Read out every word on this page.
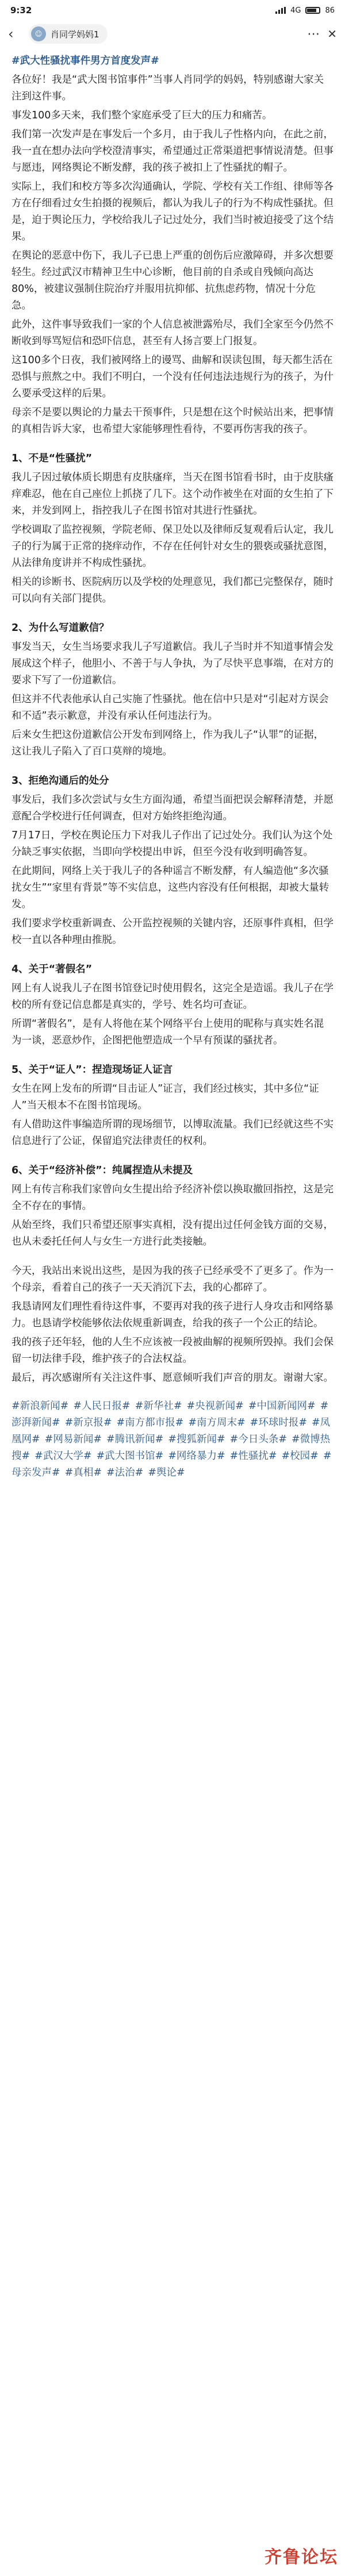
9:32	4G	86
‹	☺ 肖同学妈妈1	⋯ ✕

#武大性骚扰事件男方首度发声#

各位好！我是“武大图书馆事件”当事人肖同学的妈妈，特别感谢大家关注到这件事。

事发100多天来，我们整个家庭承受了巨大的压力和痛苦。

我们第一次发声是在事发后一个多月，由于我儿子性格内向，在此之前，我一直在想办法向学校澄清事实，希望通过正常渠道把事情说清楚。但事与愿违，网络舆论不断发酵，我的孩子被扣上了性骚扰的帽子。

实际上，我们和校方等多次沟通确认，学院、学校有关工作组、律师等各方在仔细看过女生拍摄的视频后，都认为我儿子的行为不构成性骚扰。但是，迫于舆论压力，学校给我儿子记过处分，我们当时被迫接受了这个结果。

在舆论的恶意中伤下，我儿子已患上严重的创伤后应激障碍，并多次想要轻生。经过武汉市精神卫生中心诊断，他目前的自杀或自残倾向高达80%，被建议强制住院治疗并服用抗抑郁、抗焦虑药物，情况十分危急。

此外，这件事导致我们一家的个人信息被泄露殆尽，我们全家至今仍然不断收到辱骂短信和恐吓信息，甚至有人扬言要上门报复。

这100多个日夜，我们被网络上的谩骂、曲解和误读包围，每天都生活在恐惧与煎熬之中。我们不明白，一个没有任何违法违规行为的孩子，为什么要承受这样的后果。

母亲不是要以舆论的力量去干预事件，只是想在这个时候站出来，把事情的真相告诉大家，也希望大家能够理性看待，不要再伤害我的孩子。

1、不是“性骚扰”

我儿子因过敏体质长期患有皮肤瘙痒，当天在图书馆看书时，由于皮肤瘙痒难忍，他在自己座位上抓挠了几下。这个动作被坐在对面的女生拍了下来，并发到网上，指控我儿子在图书馆对其进行性骚扰。

学校调取了监控视频，学院老师、保卫处以及律师反复观看后认定，我儿子的行为属于正常的挠痒动作，不存在任何针对女生的猥亵或骚扰意图，从法律角度讲并不构成性骚扰。

相关的诊断书、医院病历以及学校的处理意见，我们都已完整保存，随时可以向有关部门提供。

2、为什么写道歉信？

事发当天，女生当场要求我儿子写道歉信。我儿子当时并不知道事情会发展成这个样子，他胆小、不善于与人争执，为了尽快平息事端，在对方的要求下写了一份道歉信。

但这并不代表他承认自己实施了性骚扰。他在信中只是对“引起对方误会和不适”表示歉意，并没有承认任何违法行为。

后来女生把这份道歉信公开发布到网络上，作为我儿子“认罪”的证据，这让我儿子陷入了百口莫辩的境地。

3、拒绝沟通后的处分

事发后，我们多次尝试与女生方面沟通，希望当面把误会解释清楚，并愿意配合学校进行任何调查，但对方始终拒绝沟通。

7月17日，学校在舆论压力下对我儿子作出了记过处分。我们认为这个处分缺乏事实依据，当即向学校提出申诉，但至今没有收到明确答复。

在此期间，网络上关于我儿子的各种谣言不断发酵，有人编造他“多次骚扰女生”“家里有背景”等不实信息，这些内容没有任何根据，却被大量转发。

我们要求学校重新调查、公开监控视频的关键内容，还原事件真相，但学校一直以各种理由推脱。

4、关于“著假名”

网上有人说我儿子在图书馆登记时使用假名，这完全是造谣。我儿子在学校的所有登记信息都是真实的，学号、姓名均可查证。

所谓“著假名”，是有人将他在某个网络平台上使用的昵称与真实姓名混为一谈，恶意炒作，企图把他塑造成一个早有预谋的骚扰者。

5、关于“证人”：捏造现场证人证言

女生在网上发布的所谓“目击证人”证言，我们经过核实，其中多位“证人”当天根本不在图书馆现场。

有人借助这件事编造所谓的现场细节，以博取流量。我们已经就这些不实信息进行了公证，保留追究法律责任的权利。

6、关于“经济补偿”：纯属捏造从未提及

网上有传言称我们家曾向女生提出给予经济补偿以换取撤回指控，这是完全不存在的事情。

从始至终，我们只希望还原事实真相，没有提出过任何金钱方面的交易，也从未委托任何人与女生一方进行此类接触。

今天，我站出来说出这些，是因为我的孩子已经承受不了更多了。作为一个母亲，看着自己的孩子一天天消沉下去，我的心都碎了。

我恳请网友们理性看待这件事，不要再对我的孩子进行人身攻击和网络暴力。也恳请学校能够依法依规重新调查，给我的孩子一个公正的结论。

我的孩子还年轻，他的人生不应该被一段被曲解的视频所毁掉。我们会保留一切法律手段，维护孩子的合法权益。

最后，再次感谢所有关注这件事、愿意倾听我们声音的朋友。谢谢大家。

#新浪新闻# #人民日报# #新华社# #央视新闻# #中国新闻网# #澎湃新闻# #新京报# #南方都市报# #南方周末# #环球时报# #凤凰网# #网易新闻# #腾讯新闻# #搜狐新闻# #今日头条# #微博热搜# #武汉大学# #武大图书馆# #网络暴力# #性骚扰# #校园# #母亲发声# #真相# #法治# #舆论#
齐鲁论坛
